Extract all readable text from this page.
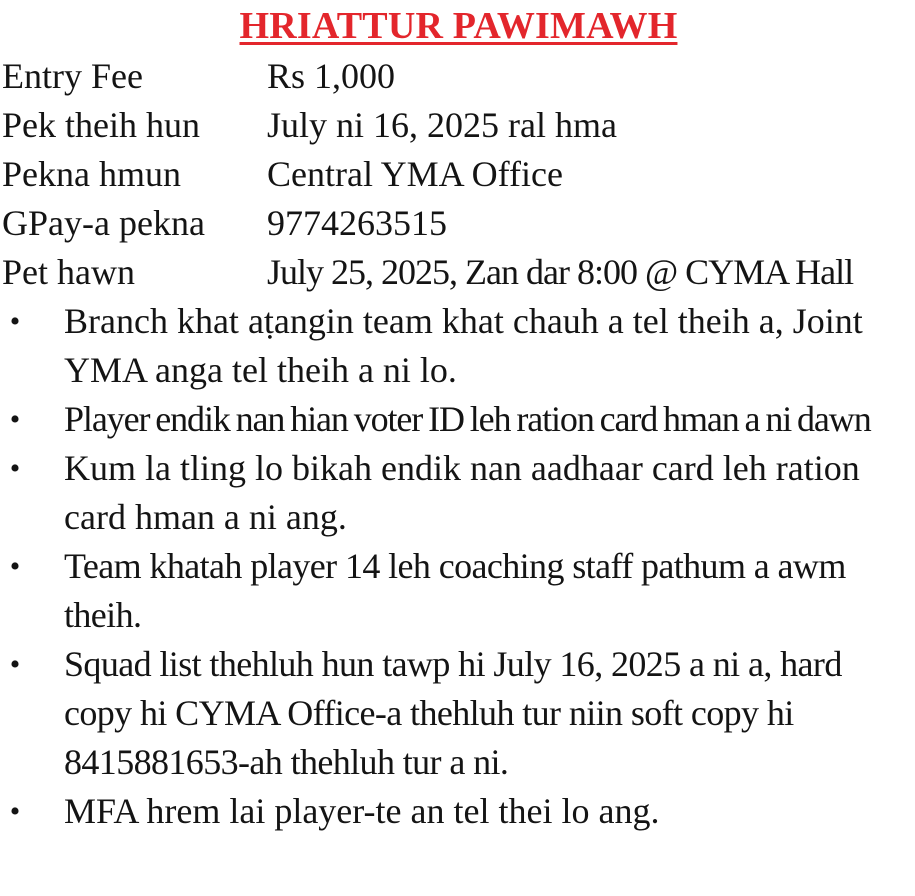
HRIATTUR PAWIMAWH
Entry Fee	Rs 1,000
Pek theih hun	July ni 16, 2025 ral hma
Pekna hmun	Central YMA Office
GPay-a pekna	9774263515
Pet hawn	July 25, 2025, Zan dar 8:00 @ CYMA Hall
• Branch khat aṭangin team khat chauh a tel theih a, Joint YMA anga tel theih a ni lo.
• Player endik nan hian voter ID leh ration card hman a ni dawn
• Kum la tling lo bikah endik nan aadhaar card leh ration card hman a ni ang.
• Team khatah player 14 leh coaching staff pathum a awm theih.
• Squad list thehluh hun tawp hi July 16, 2025 a ni a, hard copy hi CYMA Office-a thehluh tur niin soft copy hi 8415881653-ah thehluh tur a ni.
• MFA hrem lai player-te an tel thei lo ang.
